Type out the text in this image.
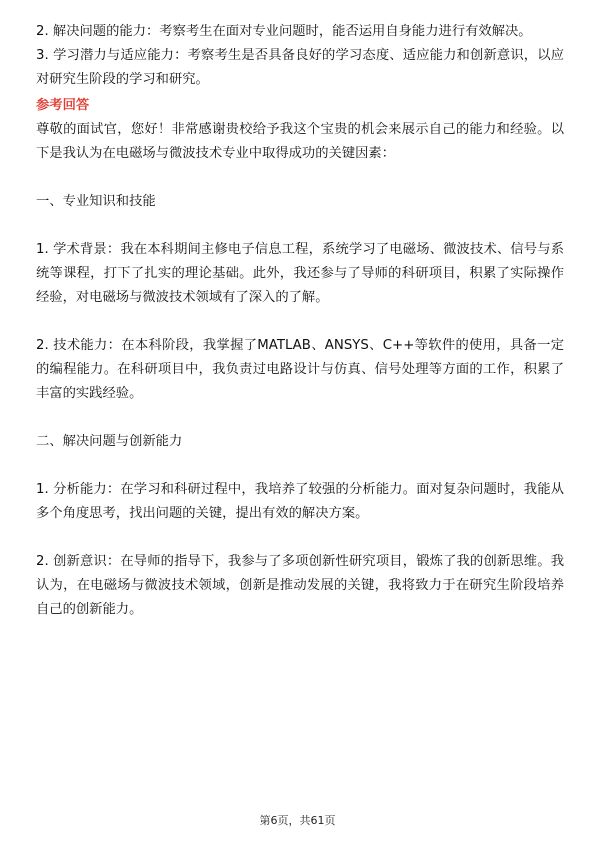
2. 解决问题的能力：考察考生在面对专业问题时，能否运用自身能力进行有效解决。

3. 学习潜力与适应能力：考察考生是否具备良好的学习态度、适应能力和创新意识，以应对研究生阶段的学习和研究。

参考回答

尊敬的面试官，您好！非常感谢贵校给予我这个宝贵的机会来展示自己的能力和经验。以下是我认为在电磁场与微波技术专业中取得成功的关键因素：

一、专业知识和技能

1. 学术背景：我在本科期间主修电子信息工程，系统学习了电磁场、微波技术、信号与系统等课程，打下了扎实的理论基础。此外，我还参与了导师的科研项目，积累了实际操作经验，对电磁场与微波技术领域有了深入的了解。

2. 技术能力：在本科阶段，我掌握了MATLAB、ANSYS、C++等软件的使用，具备一定的编程能力。在科研项目中，我负责过电路设计与仿真、信号处理等方面的工作，积累了丰富的实践经验。

二、解决问题与创新能力

1. 分析能力：在学习和科研过程中，我培养了较强的分析能力。面对复杂问题时，我能从多个角度思考，找出问题的关键，提出有效的解决方案。

2. 创新意识：在导师的指导下，我参与了多项创新性研究项目，锻炼了我的创新思维。我认为，在电磁场与微波技术领域，创新是推动发展的关键，我将致力于在研究生阶段培养自己的创新能力。

第6页，共61页
